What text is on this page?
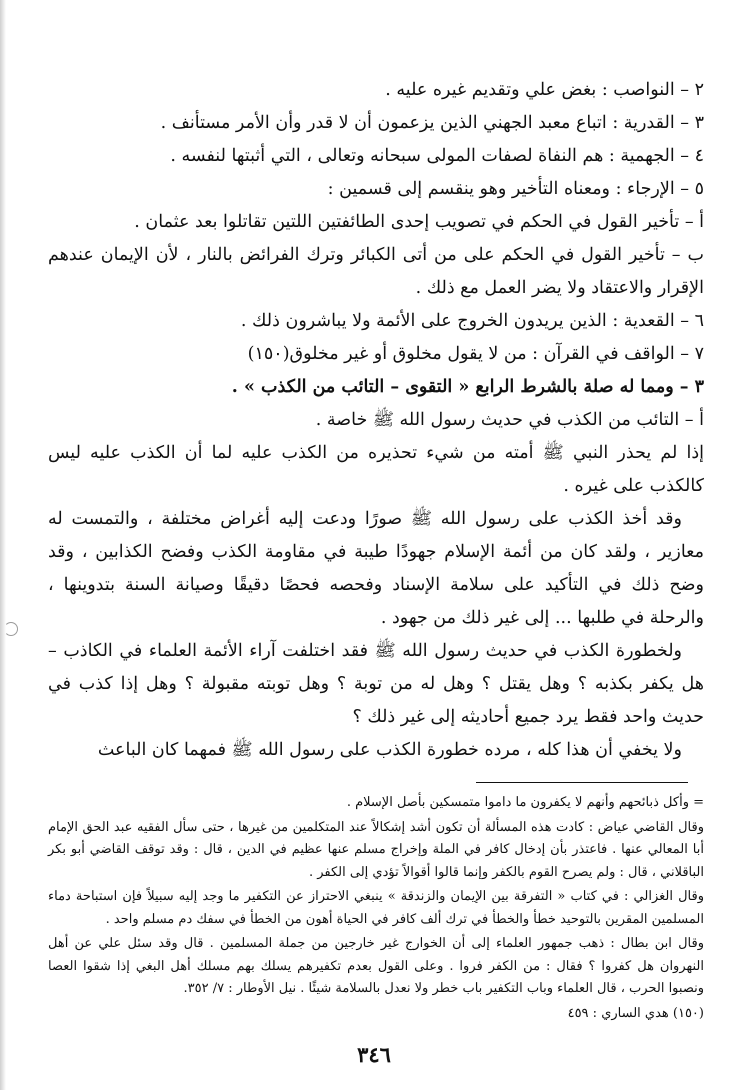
٢ – النواصب : بغض علي وتقديم غيره عليه .

٣ – القدرية : اتباع معبد الجهني الذين يزعمون أن لا قدر وأن الأمر مستأنف .

٤ – الجهمية : هم النفاة لصفات المولى سبحانه وتعالى ، التي أثبتها لنفسه .

٥ – الإرجاء : ومعناه التأخير وهو ينقسم إلى قسمين :

أ – تأخير القول في الحكم في تصويب إحدى الطائفتين اللتين تقاتلوا بعد عثمان .

ب – تأخير القول في الحكم على من أتى الكبائر وترك الفرائض بالنار ، لأن الإيمان عندهم الإقرار والاعتقاد ولا يضر العمل مع ذلك .

٦ – القعدية : الذين يريدون الخروج على الأئمة ولا يباشرون ذلك .

٧ – الواقف في القرآن : من لا يقول مخلوق أو غير مخلوق(١٥٠)

٣ – ومما له صلة بالشرط الرابع « التقوى – التائب من الكذب » .

أ – التائب من الكذب في حديث رسول الله ﷺ خاصة .

إذا لم يحذر النبي ﷺ أمته من شيء تحذيره من الكذب عليه لما أن الكذب عليه ليس كالكذب على غيره .

وقد أخذ الكذب على رسول الله ﷺ صورًا ودعت إليه أغراض مختلفة ، والتمست له معازير ، ولقد كان من أئمة الإسلام جهودًا طيبة في مقاومة الكذب وفضح الكذابين ، وقد وضح ذلك في التأكيد على سلامة الإسناد وفحصه فحصًا دقيقًا وصيانة السنة بتدوينها ، والرحلة في طلبها ... إلى غير ذلك من جهود .

ولخطورة الكذب في حديث رسول الله ﷺ فقد اختلفت آراء الأئمة العلماء في الكاذب – هل يكفر بكذبه ؟ وهل يقتل ؟ وهل له من توبة ؟ وهل توبته مقبولة ؟ وهل إذا كذب في حديث واحد فقط يرد جميع أحاديثه إلى غير ذلك ؟

ولا يخفي أن هذا كله ، مرده خطورة الكذب على رسول الله ﷺ فمهما كان الباعث

= وأكل ذبائحهم وأنهم لا يكفرون ما داموا متمسكين بأصل الإسلام .

وقال القاضي عياض : كادت هذه المسألة أن تكون أشد إشكالاً عند المتكلمين من غيرها ، حتى سأل الفقيه عبد الحق الإمام أبا المعالي عنها . فاعتذر بأن إدخال كافر في الملة وإخراج مسلم عنها عظيم في الدين ، قال : وقد توقف القاضي أبو بكر الباقلاني ، قال : ولم يصرح القوم بالكفر وإنما قالوا أقوالاً تؤدي إلى الكفر .

وقال الغزالي : في كتاب « التفرقة بين الإيمان والزندقة » ينبغي الاحتراز عن التكفير ما وجد إليه سبيلاً فإن استباحة دماء المسلمين المقرين بالتوحيد خطأ والخطأ في ترك ألف كافر في الحياة أهون من الخطأ في سفك دم مسلم واحد .

وقال ابن بطال : ذهب جمهور العلماء إلى أن الخوارج غير خارجين من جملة المسلمين . قال وقد سئل علي عن أهل النهروان هل كفروا ؟ فقال : من الكفر فروا . وعلى القول بعدم تكفيرهم يسلك بهم مسلك أهل البغي إذا شقوا العصا ونصبوا الحرب ، قال العلماء وباب التكفير باب خطر ولا نعدل بالسلامة شيئًا . نيل الأوطار : ٧/ ٣٥٢.

(١٥٠) هدي الساري : ٤٥٩

٣٤٦
